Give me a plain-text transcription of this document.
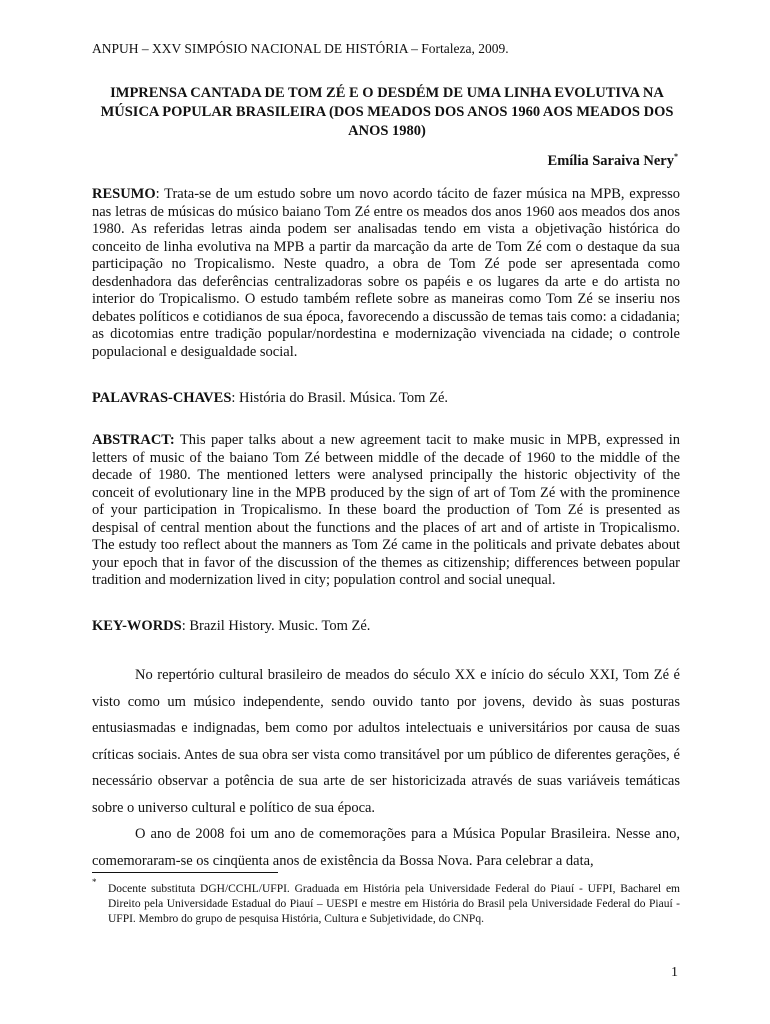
ANPUH – XXV SIMPÓSIO NACIONAL DE HISTÓRIA – Fortaleza, 2009.
IMPRENSA CANTADA DE TOM ZÉ E O DESDÉM DE UMA LINHA EVOLUTIVA NA MÚSICA POPULAR BRASILEIRA (DOS MEADOS DOS ANOS 1960 AOS MEADOS DOS ANOS 1980)
Emília Saraiva Nery*
RESUMO: Trata-se de um estudo sobre um novo acordo tácito de fazer música na MPB, expresso nas letras de músicas do músico baiano Tom Zé entre os meados dos anos 1960 aos meados dos anos 1980. As referidas letras ainda podem ser analisadas tendo em vista a objetivação histórica do conceito de linha evolutiva na MPB a partir da marcação da arte de Tom Zé com o destaque da sua participação no Tropicalismo. Neste quadro, a obra de Tom Zé pode ser apresentada como desdenhadora das deferências centralizadoras sobre os papéis e os lugares da arte e do artista no interior do Tropicalismo. O estudo também reflete sobre as maneiras como Tom Zé se inseriu nos debates políticos e cotidianos de sua época, favorecendo a discussão de temas tais como: a cidadania; as dicotomias entre tradição popular/nordestina e modernização vivenciada na cidade; o controle populacional e desigualdade social.
PALAVRAS-CHAVES: História do Brasil. Música. Tom Zé.
ABSTRACT: This paper talks about a new agreement tacit to make music in MPB, expressed in letters of music of the baiano Tom Zé between middle of the decade of 1960 to the middle of the decade of 1980. The mentioned letters were analysed principally the historic objectivity of the conceit of evolutionary line in the MPB produced by the sign of art of Tom Zé with the prominence of your participation in Tropicalismo. In these board the production of Tom Zé is presented as despisal of central mention about the functions and the places of art and of artiste in Tropicalismo. The estudy too reflect about the manners as Tom Zé came in the politicals and private debates about your epoch that in favor of the discussion of the themes as citizenship; differences between popular tradition and modernization lived in city; population control and social unequal.
KEY-WORDS: Brazil History. Music. Tom Zé.

No repertório cultural brasileiro de meados do século XX e início do século XXI, Tom Zé é visto como um músico independente, sendo ouvido tanto por jovens, devido às suas posturas entusiasmadas e indignadas, bem como por adultos intelectuais e universitários por causa de suas críticas sociais. Antes de sua obra ser vista como transitável por um público de diferentes gerações, é necessário observar a potência de sua arte de ser historicizada através de suas variáveis temáticas sobre o universo cultural e político de sua época.

O ano de 2008 foi um ano de comemorações para a Música Popular Brasileira. Nesse ano, comemoraram-se os cinqüenta anos de existência da Bossa Nova. Para celebrar a data,

*
Docente substituta DGH/CCHL/UFPI. Graduada em História pela Universidade Federal do Piauí - UFPI, Bacharel em Direito pela Universidade Estadual do Piauí – UESPI e mestre em História do Brasil pela Universidade Federal do Piauí - UFPI. Membro do grupo de pesquisa História, Cultura e Subjetividade, do CNPq.
1
